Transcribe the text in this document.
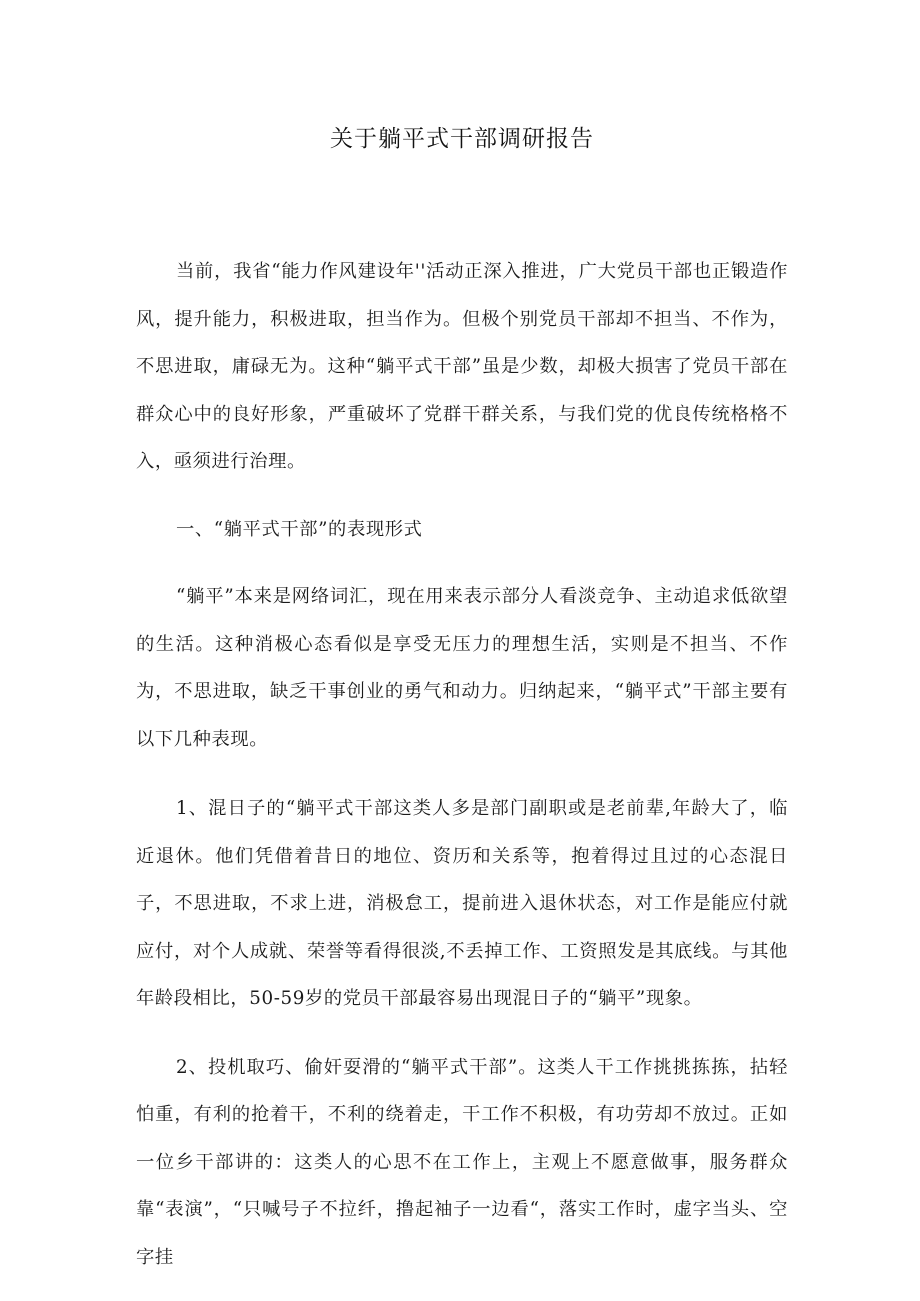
关于躺平式干部调研报告

当前，我省“能力作风建设年''活动正深入推进，广大党员干部也正锻造作风，提升能力，积极进取，担当作为。但极个别党员干部却不担当、不作为，不思进取，庸碌无为。这种“躺平式干部”虽是少数，却极大损害了党员干部在群众心中的良好形象，严重破坏了党群干群关系，与我们党的优良传统格格不入，亟须进行治理。

一、“躺平式干部”的表现形式

“躺平”本来是网络词汇，现在用来表示部分人看淡竞争、主动追求低欲望的生活。这种消极心态看似是享受无压力的理想生活，实则是不担当、不作为，不思进取，缺乏干事创业的勇气和动力。归纳起来，“躺平式”干部主要有以下几种表现。

1、混日子的“躺平式干部这类人多是部门副职或是老前辈,年龄大了，临近退休。他们凭借着昔日的地位、资历和关系等，抱着得过且过的心态混日子，不思进取，不求上进，消极怠工，提前进入退休状态，对工作是能应付就应付，对个人成就、荣誉等看得很淡,不丢掉工作、工资照发是其底线。与其他年龄段相比，50-59岁的党员干部最容易出现混日子的“躺平”现象。

2、投机取巧、偷奸耍滑的“躺平式干部”。这类人干工作挑挑拣拣，拈轻怕重，有利的抢着干，不利的绕着走，干工作不积极，有功劳却不放过。正如一位乡干部讲的：这类人的心思不在工作上，主观上不愿意做事，服务群众靠“表演”，“只喊号子不拉纤，撸起袖子一边看“，落实工作时，虚字当头、空字挂
